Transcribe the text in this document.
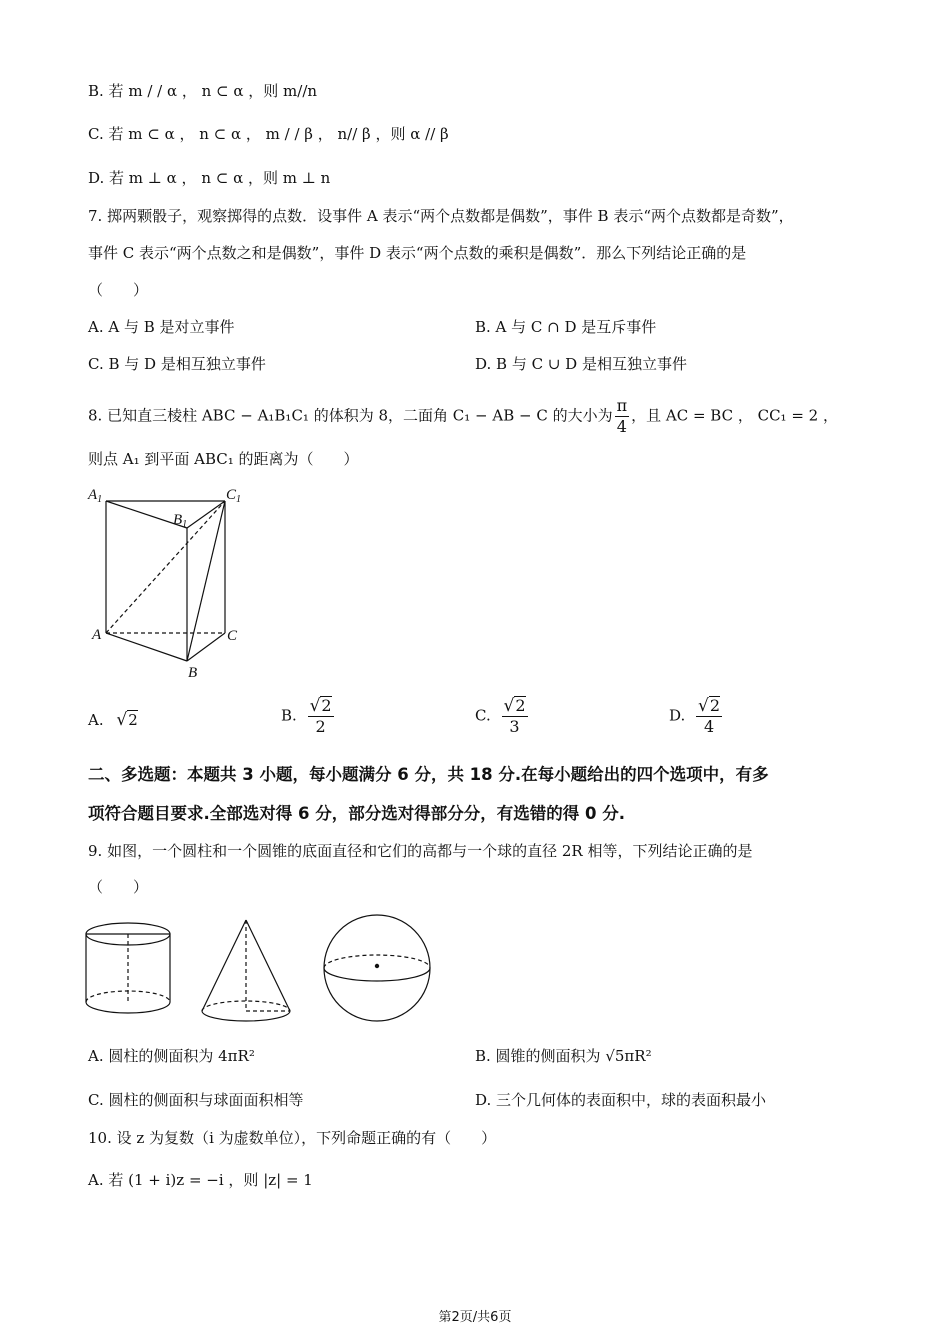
B. 若 m / / α ， n ⊂ α ，则 m//n
C. 若 m ⊂ α ， n ⊂ α ， m / / β ， n// β ，则 α // β
D. 若 m ⊥ α ， n ⊂ α ，则 m ⊥ n
7. 掷两颗骰子，观察掷得的点数．设事件 A 表示“两个点数都是偶数”，事件 B 表示“两个点数都是奇数”，
事件 C 表示“两个点数之和是偶数”，事件 D 表示“两个点数的乘积是偶数”．那么下列结论正确的是
（　　）
A. A 与 B 是对立事件	B. A 与 C ∩ D 是互斥事件
C. B 与 D 是相互独立事件	D. B 与 C ∪ D 是相互独立事件
8. 已知直三棱柱 ABC − A₁B₁C₁ 的体积为 8，二面角 C₁ − AB − C 的大小为 $\frac{\pi}{4}$ ，且 AC = BC ， CC₁ = 2 ，
则点 A₁ 到平面 ABC₁ 的距离为（　　）
$A_1$
$B_1$
$C_1$
A	C
B
A. √2	B. $\frac{√2}{2}$	C. $\frac{√2}{3}$	D. $\frac{√2}{4}$
二、多选题：本题共 3 小题，每小题满分 6 分，共 18 分.在每小题给出的四个选项中，有多
项符合题目要求.全部选对得 6 分，部分选对得部分分，有选错的得 0 分.
9. 如图，一个圆柱和一个圆锥的底面直径和它们的高都与一个球的直径 2R 相等，下列结论正确的是
（　　）
A. 圆柱的侧面积为 4πR²	B. 圆锥的侧面积为 √5πR²
C. 圆柱的侧面积与球面面积相等	D. 三个几何体的表面积中，球的表面积最小
10. 设 z 为复数（i 为虚数单位），下列命题正确的有（　　）
A. 若 (1 + i)z = −i ，则 |z| = 1
第2页/共6页
